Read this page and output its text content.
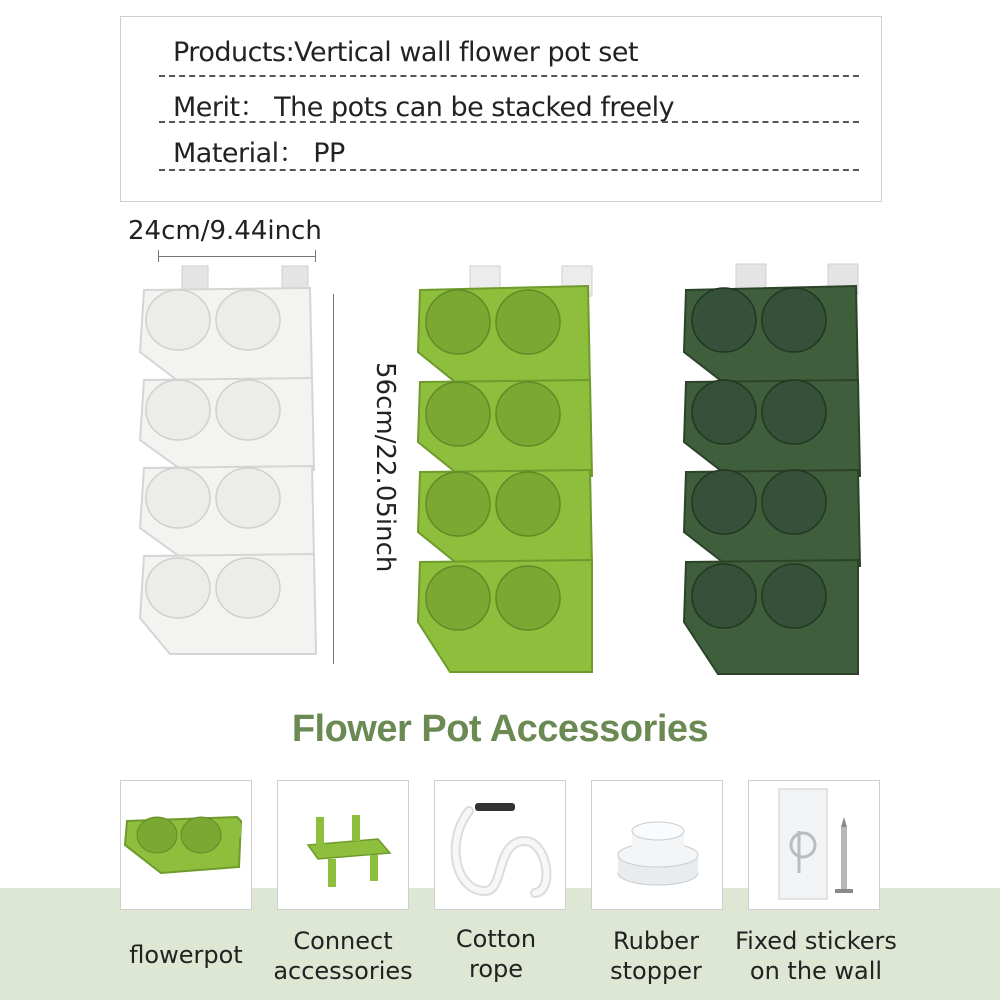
Products:Vertical wall flower pot set
Merit： The pots can be stacked freely
Material： PP
24cm/9.44inch
56cm/22.05inch
Flower Pot Accessories
flowerpot	Connect
accessories
Cotton
rope
Rubber
stopper
Fixed stickers
on the wall
